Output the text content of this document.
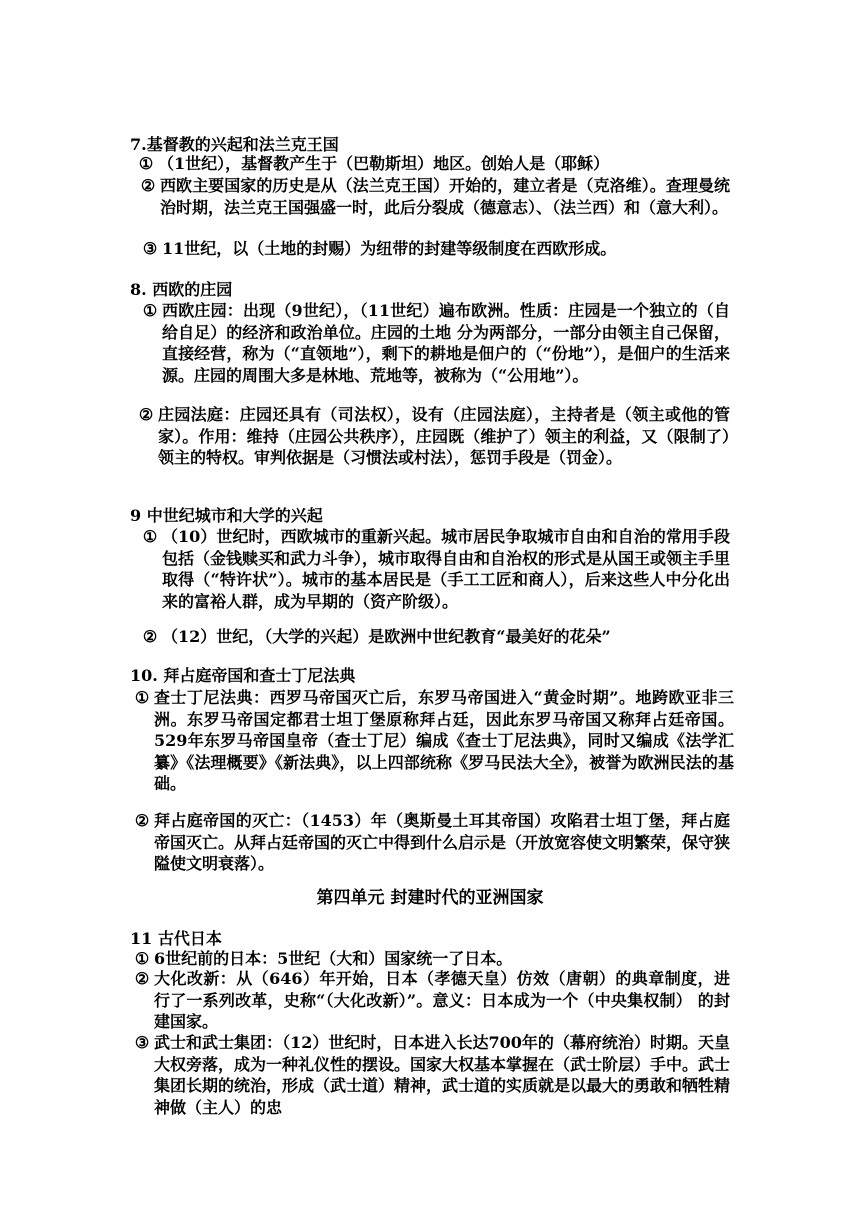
7.基督教的兴起和法兰克王国
① （1世纪），基督教产生于（巴勒斯坦）地区。创始人是（耶稣）
② 西欧主要国家的历史是从（法兰克王国）开始的，建立者是（克洛维）。查理曼统治时期，法兰克王国强盛一时，此后分裂成（德意志）、（法兰西）和（意大利）。
③ 11世纪，以（土地的封赐）为纽带的封建等级制度在西欧形成。
8. 西欧的庄园
① 西欧庄园：出现（9世纪），（11世纪）遍布欧洲。性质：庄园是一个独立的（自给自足）的经济和政治单位。庄园的土地 分为两部分，一部分由领主自己保留，直接经营，称为（“直领地”），剩下的耕地是佃户的（“份地”），是佃户的生活来源。庄园的周围大多是林地、荒地等，被称为（“公用地”）。
② 庄园法庭：庄园还具有（司法权），设有（庄园法庭），主持者是（领主或他的管家）。作用：维持（庄园公共秩序），庄园既（维护了）领主的利益，又（限制了）领主的特权。审判依据是（习惯法或村法），惩罚手段是（罚金）。
9 中世纪城市和大学的兴起
① （10）世纪时，西欧城市的重新兴起。城市居民争取城市自由和自治的常用手段包括（金钱赎买和武力斗争），城市取得自由和自治权的形式是从国王或领主手里取得（“特许状”）。城市的基本居民是（手工工匠和商人），后来这些人中分化出来的富裕人群，成为早期的（资产阶级）。
② （12）世纪，（大学的兴起）是欧洲中世纪教育“最美好的花朵”
10. 拜占庭帝国和查士丁尼法典
① 查士丁尼法典：西罗马帝国灭亡后，东罗马帝国进入“黄金时期”。地跨欧亚非三洲。东罗马帝国定都君士坦丁堡原称拜占廷，因此东罗马帝国又称拜占廷帝国。529年东罗马帝国皇帝（查士丁尼）编成《查士丁尼法典》，同时又编成《法学汇纂》《法理概要》《新法典》，以上四部统称《罗马民法大全》，被誉为欧洲民法的基础。
② 拜占庭帝国的灭亡：（1453）年（奥斯曼土耳其帝国）攻陷君士坦丁堡，拜占庭帝国灭亡。从拜占廷帝国的灭亡中得到什么启示是（开放宽容使文明繁荣，保守狭隘使文明衰落）。
第四单元 封建时代的亚洲国家
11 古代日本
① 6世纪前的日本：5世纪（大和）国家统一了日本。
② 大化改新：从（646）年开始，日本（孝德天皇）仿效（唐朝）的典章制度，进行了一系列改革，史称“（大化改新）”。意义：日本成为一个（中央集权制） 的封建国家。
③ 武士和武士集团：（12）世纪时，日本进入长达700年的（幕府统治）时期。天皇大权旁落，成为一种礼仪性的摆设。国家大权基本掌握在（武士阶层）手中。武士集团长期的统治，形成（武士道）精神，武士道的实质就是以最大的勇敢和牺牲精神做（主人）的忠
